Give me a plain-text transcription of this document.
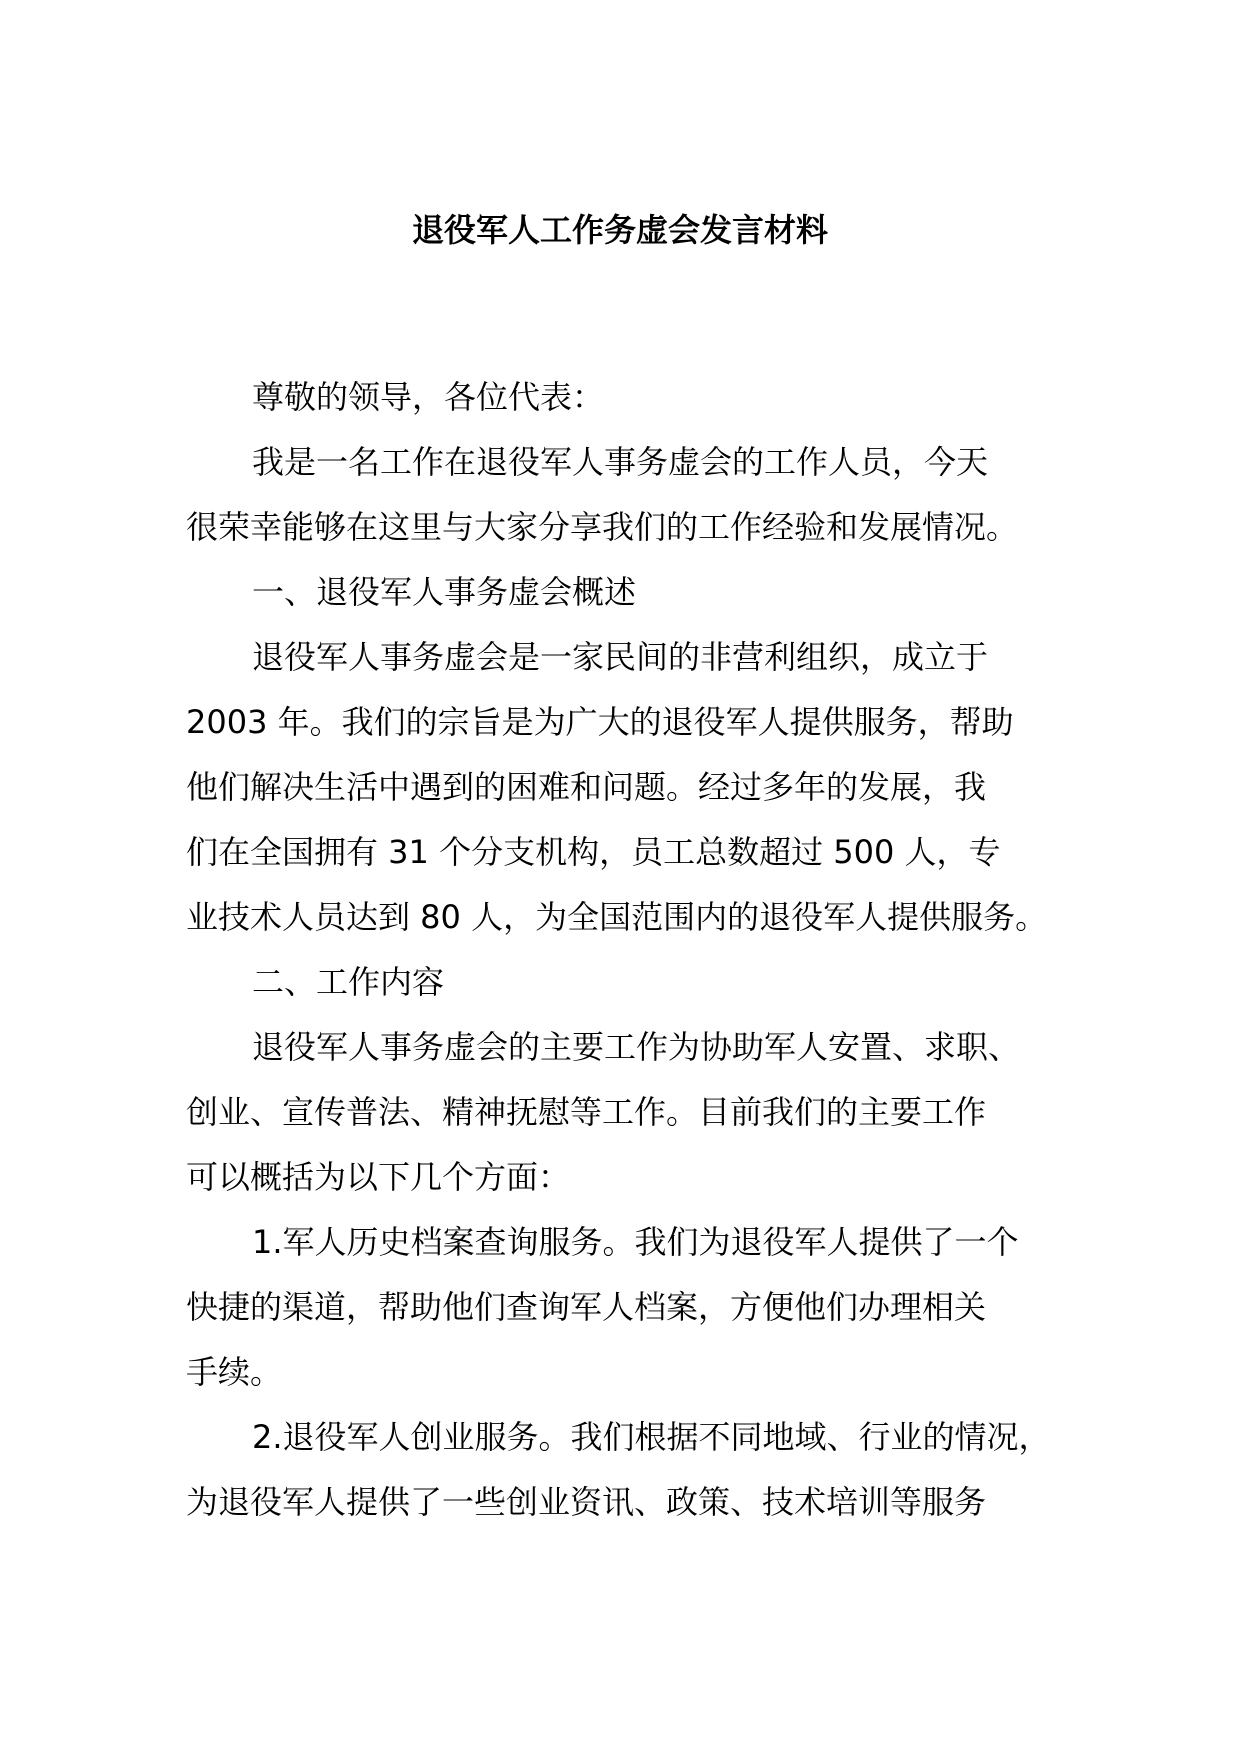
退役军人工作务虚会发言材料

尊敬的领导，各位代表：

我是一名工作在退役军人事务虚会的工作人员，今天

很荣幸能够在这里与大家分享我们的工作经验和发展情况。

一、退役军人事务虚会概述

退役军人事务虚会是一家民间的非营利组织，成立于

2003 年。我们的宗旨是为广大的退役军人提供服务，帮助

他们解决生活中遇到的困难和问题。经过多年的发展，我

们在全国拥有 31 个分支机构，员工总数超过 500 人，专

业技术人员达到 80 人，为全国范围内的退役军人提供服务。

二、工作内容

退役军人事务虚会的主要工作为协助军人安置、求职、

创业、宣传普法、精神抚慰等工作。目前我们的主要工作

可以概括为以下几个方面：

1.军人历史档案查询服务。我们为退役军人提供了一个

快捷的渠道，帮助他们查询军人档案，方便他们办理相关

手续。

2.退役军人创业服务。我们根据不同地域、行业的情况，

为退役军人提供了一些创业资讯、政策、技术培训等服务
